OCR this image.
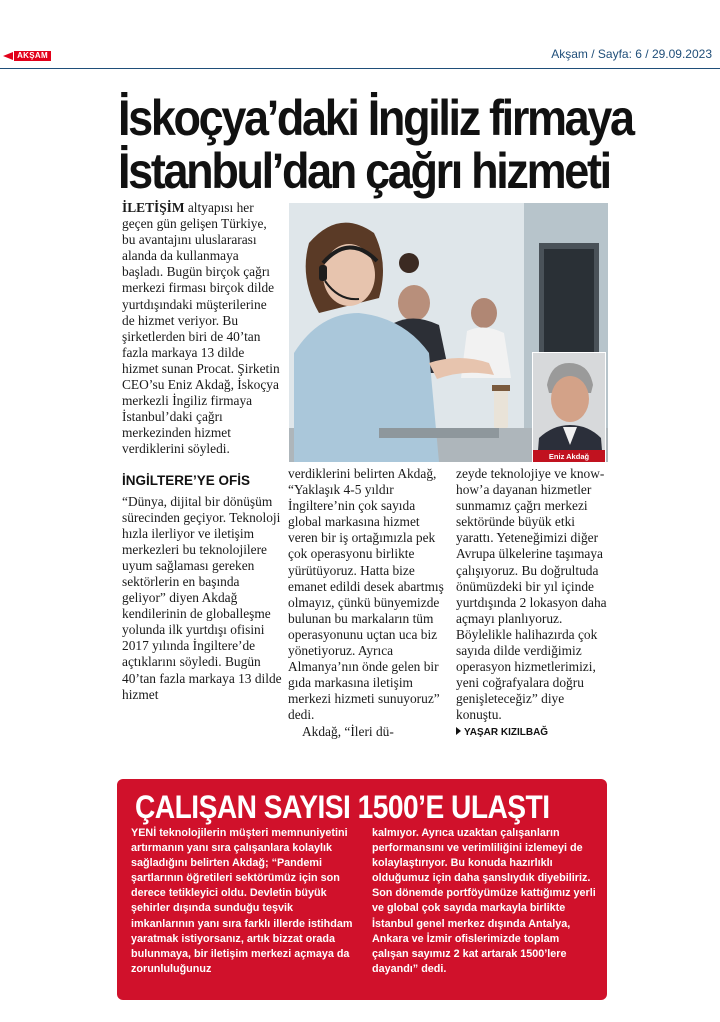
AKŞAM	Akşam / Sayfa: 6 / 29.09.2023
İskoçya’daki İngiliz firmaya
İstanbul’dan çağrı hizmeti

İLETİŞİM altyapısı her geçen gün gelişen Türkiye, bu avantajını uluslararası alanda da kullanmaya başladı. Bugün birçok çağrı merkezi firması birçok dilde yurtdışındaki müşterilerine de hizmet veriyor. Bu şirketlerden biri de 40’tan fazla markaya 13 dilde hizmet sunan Procat. Şirketin CEO’su Eniz Akdağ, İskoçya merkezli İngiliz firmaya İstanbul’daki çağrı merkezinden hizmet verdiklerini söyledi.

İNGİLTERE’YE OFİS

“Dünya, dijital bir dönüşüm sürecinden geçiyor. Teknoloji hızla ilerliyor ve iletişim merkezleri bu teknolojilere uyum sağlaması gereken sektörlerin en başında geliyor” diyen Akdağ kendilerinin de globalleşme yolunda ilk yurtdışı ofisini 2017 yılında İngiltere’de açtıklarını söyledi. Bugün 40’tan fazla markaya 13 dilde hizmet

Eniz Akdağ

verdiklerini belirten Akdağ, “Yaklaşık 4-5 yıldır İngiltere’nin çok sayıda global markasına hizmet veren bir iş ortağımızla pek çok operasyonu birlikte yürütüyoruz. Hatta bize emanet edildi desek abartmış olmayız, çünkü bünyemizde bulunan bu markaların tüm operasyonunu uçtan uca biz yönetiyoruz. Ayrıca Almanya’nın önde gelen bir gıda markasına iletişim merkezi hizmeti sunuyoruz” dedi.

Akdağ, “İleri dü-

zeyde teknolojiye ve know-how’a dayanan hizmetler sunmamız çağrı merkezi sektöründe büyük etki yarattı. Yeteneğimizi diğer Avrupa ülkelerine taşımaya çalışıyoruz. Bu doğrultuda önümüzdeki bir yıl içinde yurtdışında 2 lokasyon daha açmayı planlıyoruz. Böylelikle halihazırda çok sayıda dilde verdiğimiz operasyon hizmetlerimizi, yeni coğrafyalara doğru genişleteceğiz” diye konuştu.

YAŞAR KIZILBAĞ

ÇALIŞAN SAYISI 1500’E ULAŞTI

YENİ teknolojilerin müşteri memnuniyetini artırmanın yanı sıra çalışanlara kolaylık sağladığını belirten Akdağ; “Pandemi şartlarının öğretileri sektörümüz için son derece tetikleyici oldu. Devletin büyük şehirler dışında sunduğu teşvik imkanlarının yanı sıra farklı illerde istihdam yaratmak istiyorsanız, artık bizzat orada bulunmaya, bir iletişim merkezi açmaya da zorunluluğunuz

kalmıyor. Ayrıca uzaktan çalışanların performansını ve verimliliğini izlemeyi de kolaylaştırıyor. Bu konuda hazırlıklı olduğumuz için daha şanslıydık diyebiliriz. Son dönemde portföyümüze kattığımız yerli ve global çok sayıda markayla birlikte İstanbul genel merkez dışında Antalya, Ankara ve İzmir ofislerimizde toplam çalışan sayımız 2 kat artarak 1500’lere dayandı” dedi.
